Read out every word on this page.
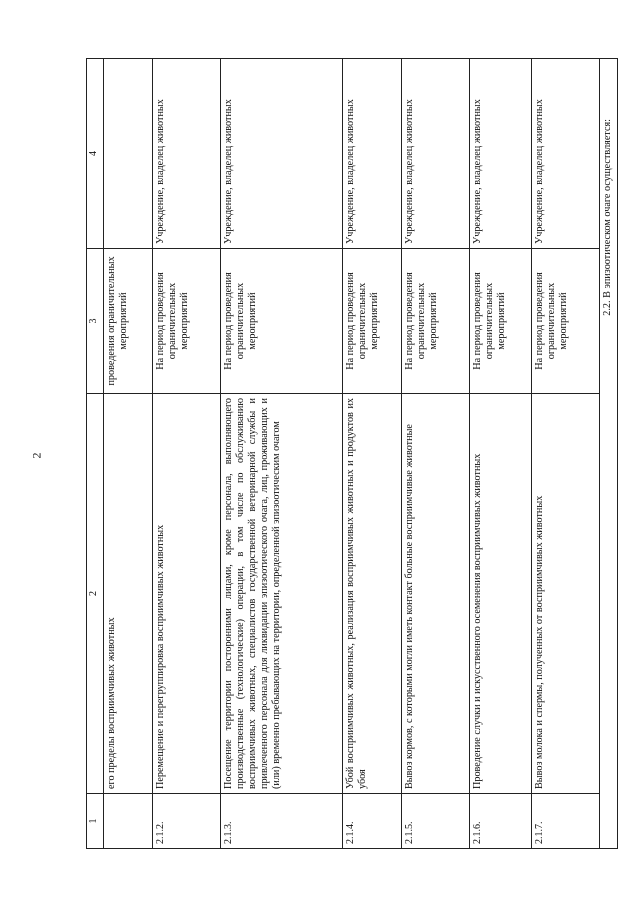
2
1	2	3	4
	его пределы восприимчивых животных	проведения ограничительных мероприятий	
2.1.2.	Перемещение и перегруппировка восприимчивых животных	На период проведения ограничительных мероприятий	Учреждение, владелец животных
2.1.3.	Посещение территории посторонними лицами, кроме персонала, выполняющего производственные (технологические) операции, в том числе по обслуживанию восприимчивых животных, специалистов государственной ветеринарной службы и привлеченного персонала для ликвидации эпизоотического очага, лиц, проживающих и (или) временно пребывающих на территории, определенной эпизоотическим очагом	На период проведения ограничительных мероприятий	Учреждение, владелец животных
2.1.4.	Убой восприимчивых животных, реализация восприимчивых животных и продуктов их убоя	На период проведения ограничительных мероприятий	Учреждение, владелец животных
2.1.5.	Вывоз кормов, с которыми могли иметь контакт больные восприимчивые животные	На период проведения ограничительных мероприятий	Учреждение, владелец животных
2.1.6.	Проведение случки и искусственного осеменения восприимчивых животных	На период проведения ограничительных мероприятий	Учреждение, владелец животных
2.1.7.	Вывоз молока и спермы, полученных от восприимчивых животных	На период проведения ограничительных мероприятий	Учреждение, владелец животных
2.2. В эпизоотическом очаге осуществляется:			
